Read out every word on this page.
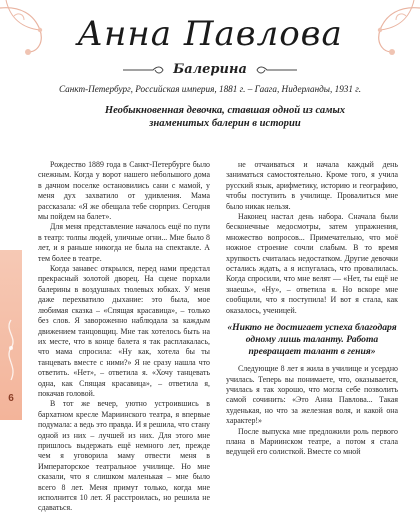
Анна Павлова
Балерина
Санкт-Петербург, Российская империя, 1881 г. – Гаага, Нидерланды, 1931 г.
Необыкновенная девочка, ставшая одной из самых знаменитых балерин в истории

Рождество 1889 года в Санкт-Петербурге было снежным. Когда у ворот нашего небольшого дома в дачном поселке остановились сани с мамой, у меня дух захватило от удивления. Мама рассказала: «Я же обещала тебе сюрприз. Сегодня мы пойдем на балет».

Для меня представление началось ещё по пути в театр: толпы людей, уличные огни... Мне было 8 лет, и я раньше никогда не была на спектакле. А тем более в театре.

Когда занавес открылся, перед нами предстал прекрасный золотой дворец. На сцене порхали балерины в воздушных тюлевых юбках. У меня даже перехватило дыхание: это была, мое любимая сказка – «Спящая красавица», – только без слов. Я завороженно наблюдала за каждым движением танцовщиц. Мне так хотелось быть на их месте, что в конце балета я так расплакалась, что мама спросила: «Ну как, хотела бы ты танцевать вместе с ними?» Я не сразу нашла что ответить. «Нет», – ответила я. «Хочу танцевать одна, как Спящая красавица», – ответила я, покачав головой.

В тот же вечер, уютно устроившись в бархатном кресле Мариинского театра, я впервые подумала: а ведь это правда. И я решила, что стану одной из них – лучшей из них. Для этого мне пришлось выдержать ещё немного лет, прежде чем я уговорила маму отвести меня в Императорское театральное училище. Но мне сказали, что я слишком маленькая – мне было всего 8 лет. Меня примут только, когда мне исполнится 10 лет. Я расстроилась, но решила не сдаваться.

не отчаиваться и начала каждый день заниматься самостоятельно. Кроме того, я учила русский язык, арифметику, историю и географию, чтобы поступить в училище. Провалиться мне было никак нельзя.

Наконец настал день набора. Сначала были бесконечные медосмотры, затем упражнения, множество вопросов... Примечательно, что моё ножное строение сочли слабым. В то время хрупкость считалась недостатком. Другие девочки остались ждать, а я испугалась, что провалилась. Когда спросили, что мне велят — «Нет, ты ещё не знаешь», «Ну», – ответила я. Но вскоре мне сообщили, что я поступила! И вот я стала, как оказалось, ученицей.

«Никто не достигает успеха благодаря одному лишь таланту. Работа превращает талант в гения»

Следующие 8 лет я жила в училище и усердно училась. Теперь вы понимаете, что, оказывается, училась я так хорошо, что могла себе позволить самой сочинить: «Это Анна Павлова... Такая худенькая, но что за железная воля, и какой она характер!»

После выпуска мне предложили роль первого плана в Мариинском театре, а потом я стала ведущей его солисткой. Вместе со мной

6
